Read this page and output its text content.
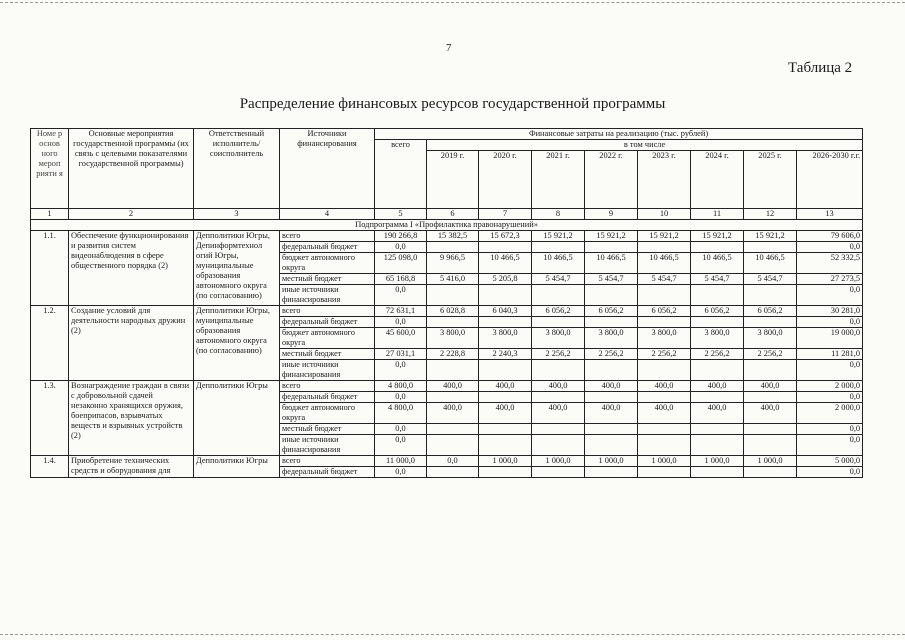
7
Таблица 2
Распределение финансовых ресурсов государственной программы
Номе р основ ного мероп рияти я	Основные мероприятия государственной программы (их связь с целевыми показателями государственной программы)	Ответственный исполнитель/ соисполнитель	Источники финансирования	Финансовые затраты на реализацию (тыс. рублей)								
				всего	в том числе							
					2019 г.	2020 г.	2021 г.	2022 г.	2023 г.	2024 г.	2025 г.	2026-2030 г.г.
1	2	3	4	5	6	7	8	9	10	11	12	13
Подпрограмма I «Профилактика правонарушений»												
1.1.	Обеспечение функционирования и развития систем видеонаблюдения в сфере общественного порядка (2)	Депполитики Югры, Депинформтехнол огий Югры, муниципальные образования автономного округа (по согласованию)	всего	190 266,8	15 382,5	15 672,3	15 921,2	15 921,2	15 921,2	15 921,2	15 921,2	79 606,0
			федеральный бюджет	0,0								0,0
			бюджет автономного округа	125 098,0	9 966,5	10 466,5	10 466,5	10 466,5	10 466,5	10 466,5	10 466,5	52 332,5
			местный бюджет	65 168,8	5 416,0	5 205,8	5 454,7	5 454,7	5 454,7	5 454,7	5 454,7	27 273,5
			иные источники финансирования	0,0								0,0
1.2.	Создание условий для деятельности народных дружин (2)	Депполитики Югры, муниципальные образования автономного округа (по согласованию)	всего	72 631,1	6 028,8	6 040,3	6 056,2	6 056,2	6 056,2	6 056,2	6 056,2	30 281,0
			федеральный бюджет	0,0								0,0
			бюджет автономного округа	45 600,0	3 800,0	3 800,0	3 800,0	3 800,0	3 800,0	3 800,0	3 800,0	19 000,0
			местный бюджет	27 031,1	2 228,8	2 240,3	2 256,2	2 256,2	2 256,2	2 256,2	2 256,2	11 281,0
			иные источники финансирования	0,0								0,0
1.3.	Вознаграждение граждан в связи с добровольной сдачей незаконно хранящихся оружия, боеприпасов, взрывчатых веществ и взрывных устройств (2)	Депполитики Югры	всего	4 800,0	400,0	400,0	400,0	400,0	400,0	400,0	400,0	2 000,0
			федеральный бюджет	0,0								0,0
			бюджет автономного округа	4 800,0	400,0	400,0	400,0	400,0	400,0	400,0	400,0	2 000,0
			местный бюджет	0,0								0,0
			иные источники финансирования	0,0								0,0
1.4.	Приобретение технических средств и оборудования для	Депполитики Югры	всего	11 000,0	0,0	1 000,0	1 000,0	1 000,0	1 000,0	1 000,0	1 000,0	5 000,0
			федеральный бюджет	0,0								0,0
